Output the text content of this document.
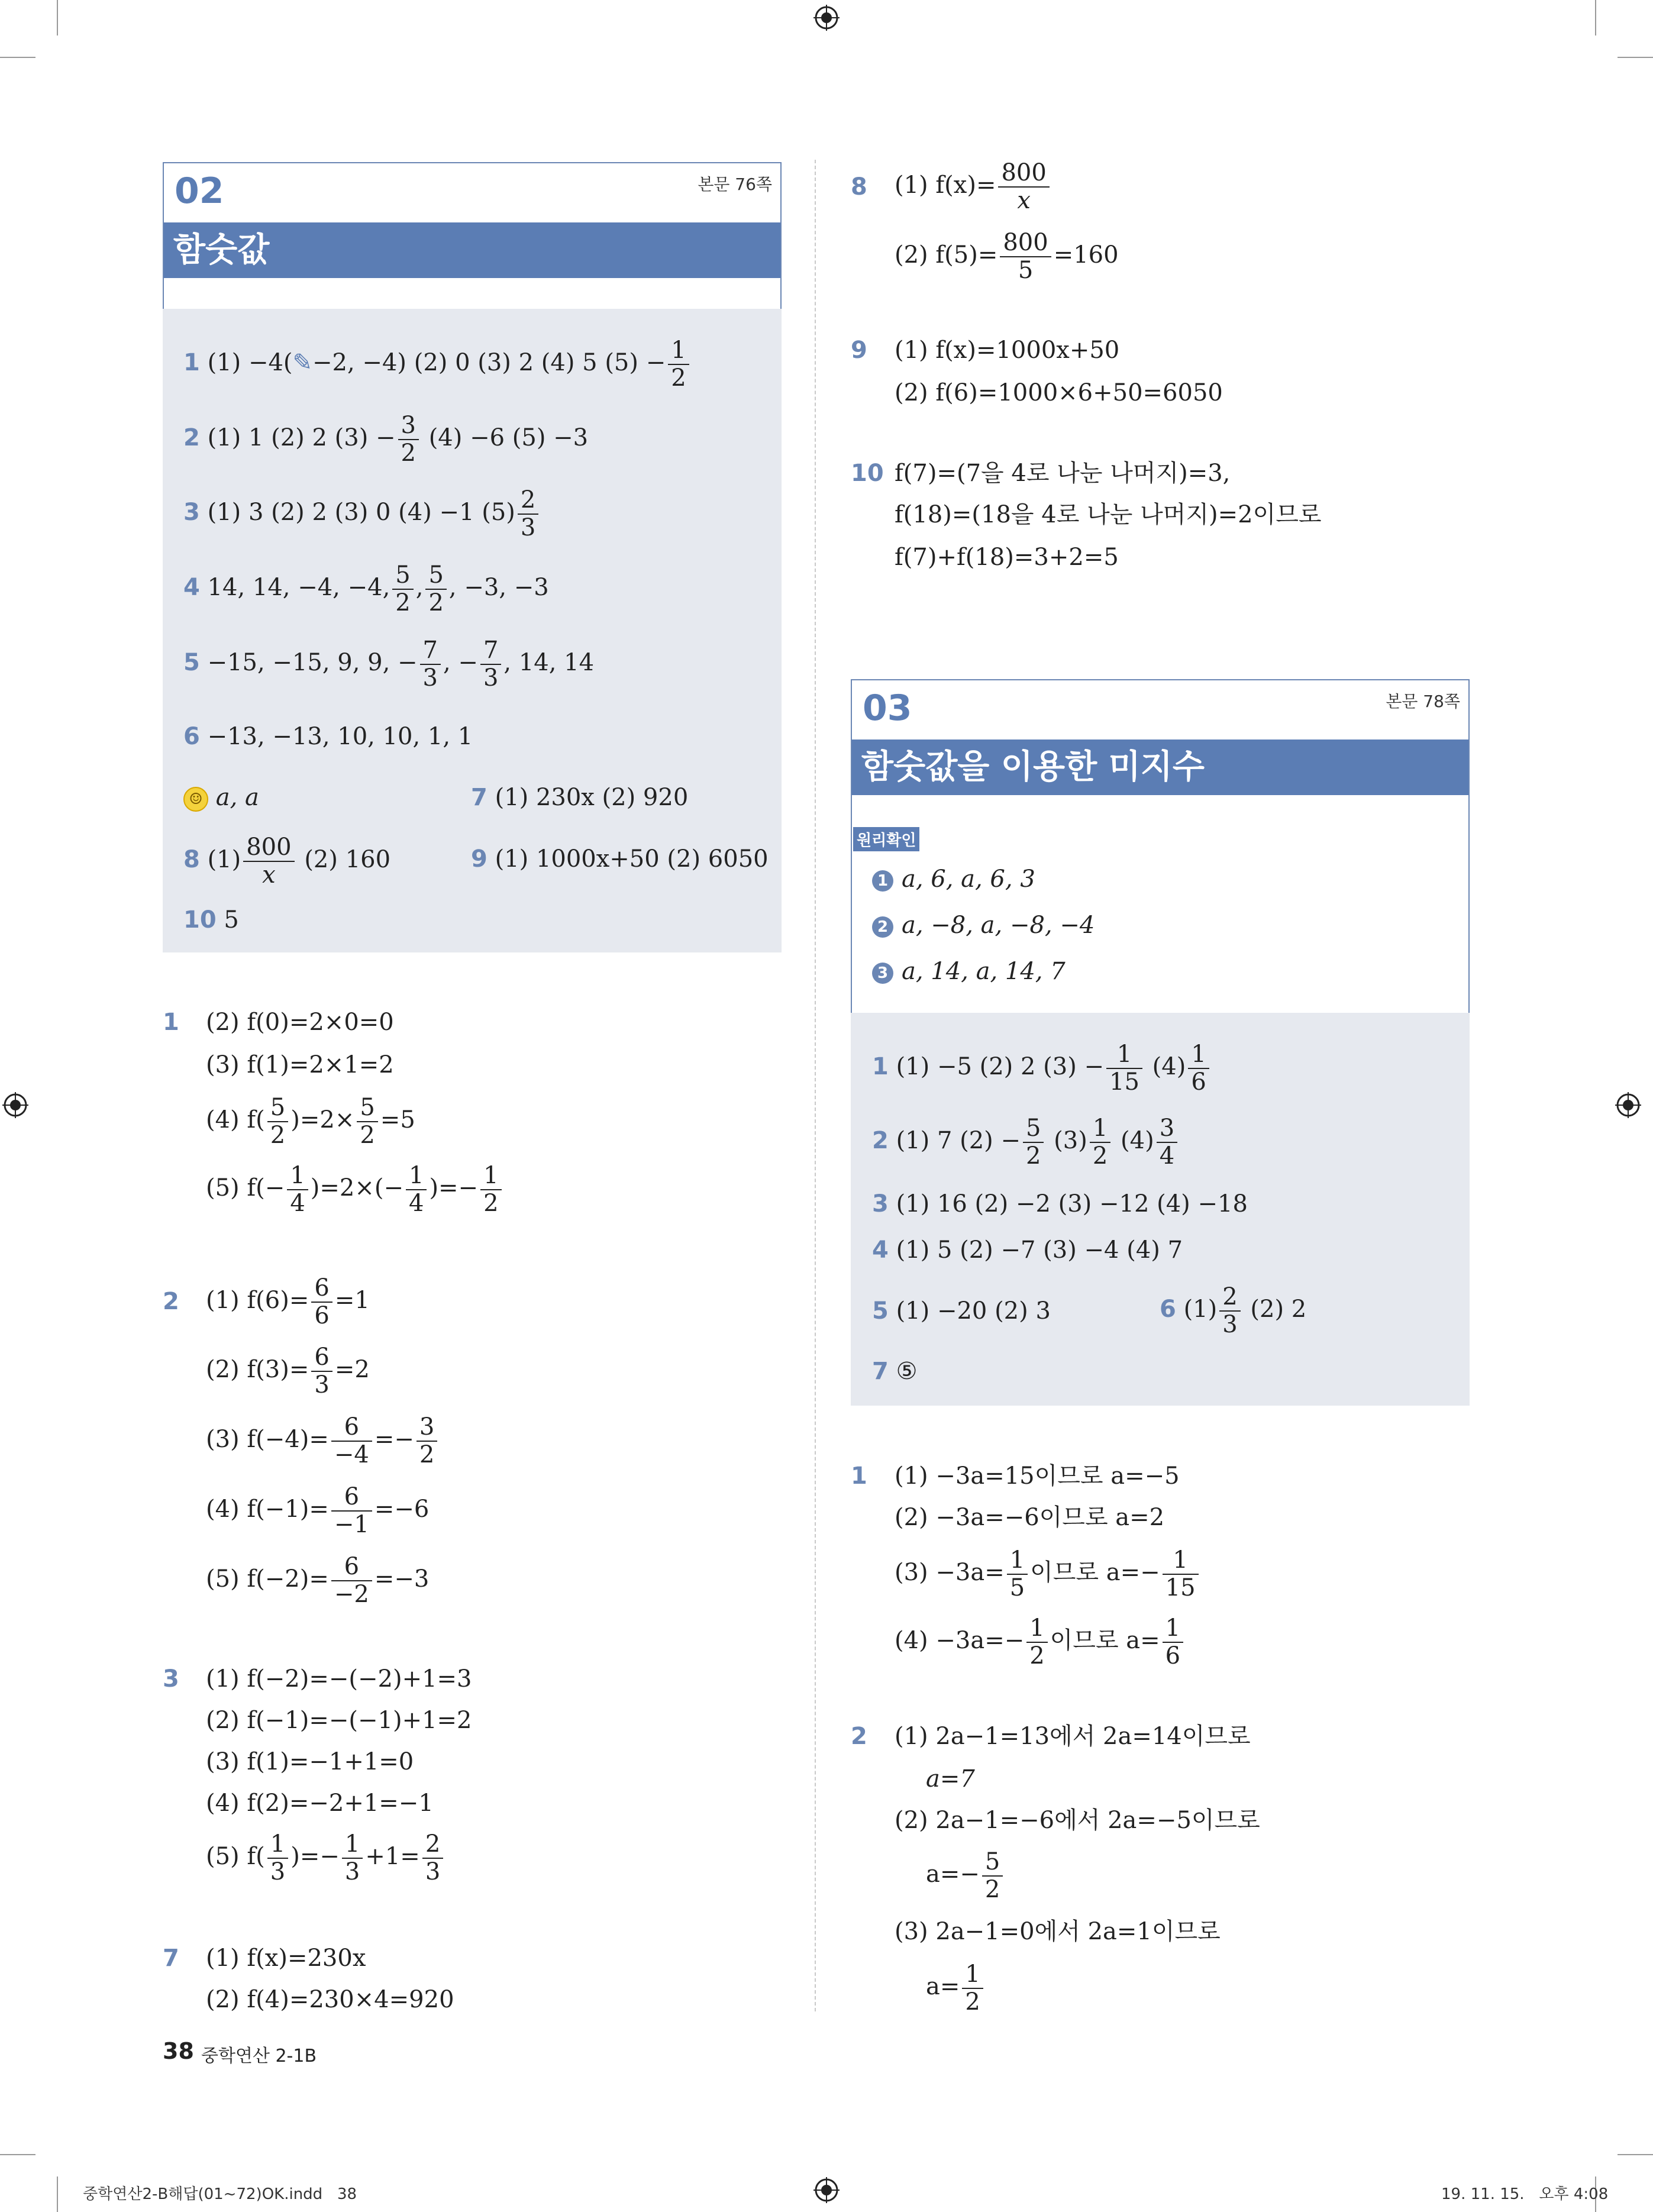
02	본문 76쪽
함숫값
1 (1) −4(✎−2, −4) (2) 0 (3) 2 (4) 5 $(5) - \frac{1}{2}$
2 (1) 1 (2) 2 $(3) - \frac{3}{2} (4) -6$ (5) −3
3 (1) 3 (2) 2 (3) 0 (4) −1 $(5) \frac{2}{3}$
4 14, 14, −4, −4, $\frac{5}{2}$ , $\frac{5}{2}$ , −3, −3
5 −15, −15, 9, 9, − $\frac{7}{3}$ , − $\frac{7}{3}$ , 14, 14
6 −13, −13, 10, 10, 1, 1
☺ a, a	7 (1) 230x (2) 920
8 $(1) \frac{800}{x} (2)$ 160	9 (1) 1000x+50 (2) 6050
10 5
1 (2) f(0)=2×0=0
(3) f(1)=2×1=2
(4) $f( \frac{5}{2} )=2\times \frac{5}{2} =5$
(5) $f(- \frac{1}{4} )=2\times(- \frac{1}{4}$ )=− $\frac{1}{2}$
2 (1) $f(6)= \frac{6}{6} =1$
(2) $f(3)= \frac{6}{3} =2$
(3) $f(-4)= \frac{6}{-4} =- \frac{3}{2}$
(4) $f(-1)= \frac{6}{-1} =-6$
(5) $f(-2)= \frac{6}{-2} =-3$
3 (1) f(−2)=−(−2)+1=3
(2) f(−1)=−(−1)+1=2
(3) f(1)=−1+1=0
(4) f(2)=−2+1=−1
(5) $f( \frac{1}{3}$ )=− $\frac{1}{3} +1= \frac{2}{3}$
7 (1) f(x)=230x
(2) f(4)=230×4=920
38 중학연산 2-1B
8 (1) $f(x)= \frac{800}{x}$
(2) $f(5)= \frac{800}{5} =160$
9 (1) f(x)=1000x+50
(2) f(6)=1000×6+50=6050
10 f(7)=(7을 4로 나눈 나머지)=3,
f(18)=(18을 4로 나눈 나머지)=2이므로
f(7)+f(18)=3+2=5
03	본문 78쪽
함숫값을 이용한 미지수
원리확인
1 a, 6, a, 6, 3
2 a, −8, a, −8, −4
3 a, 14, a, 14, 7
1 (1) −5 (2) 2 $(3) - \frac{1}{15} (4) \frac{1}{6}$
2 (1) 7 $(2) - \frac{5}{2} (3) \frac{1}{2} (4) \frac{3}{4}$
3 (1) 16 (2) −2 (3) −12 (4) −18
4 (1) 5 (2) −7 (3) −4 (4) 7
5 (1) −20 (2) 3	6 $(1) \frac{2}{3} (2)$ 2
7 ⑤
1 (1) −3a=15이므로 a=−5
(2) −3a=−6이므로 a=2
$(3) -3a= \frac{1}{5}$ 이므로 $a=- \frac{1}{15}$
$(4) -3a=- \frac{1}{2}$ 이므로 $a= \frac{1}{6}$
2 (1) 2a−1=13에서 2a=14이므로
a=7
(2) 2a−1=−6에서 2a=−5이므로
$a=- \frac{5}{2}$
(3) 2a−1=0에서 2a=1이므로
$a= \frac{1}{2}$
중학연산2-B해답(01~72)OK.indd   38	19. 11. 15.   오후 4:08
